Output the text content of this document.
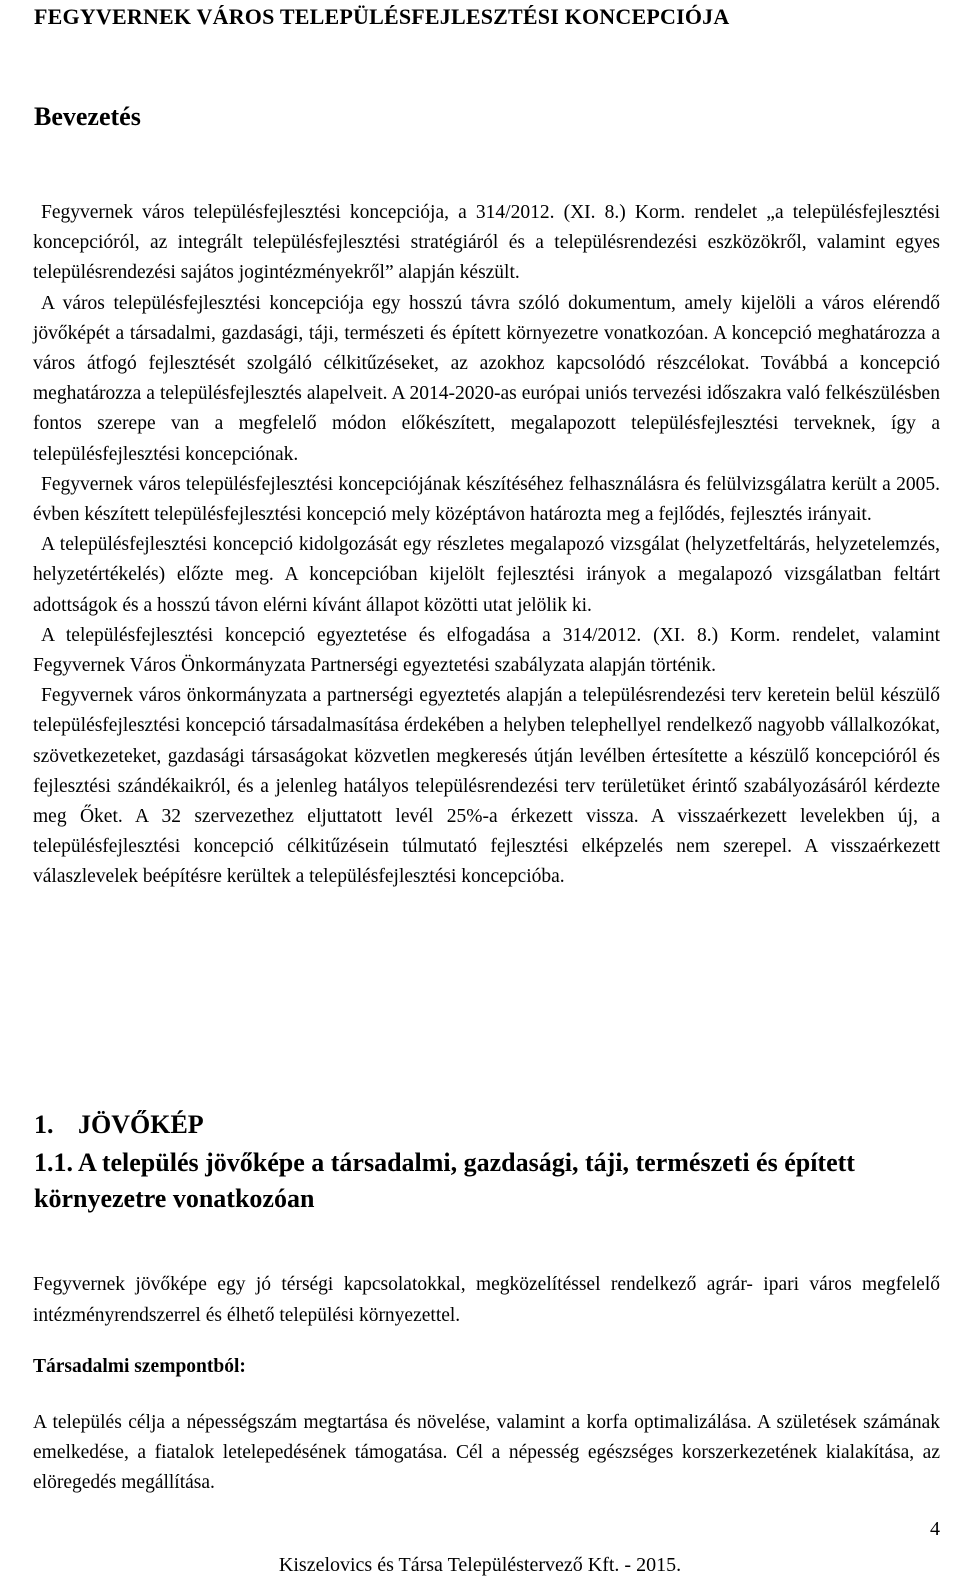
FEGYVERNEK VÁROS TELEPÜLÉSFEJLESZTÉSI KONCEPCIÓJA
Bevezetés

Fegyvernek város településfejlesztési koncepciója, a 314/2012. (XI. 8.) Korm. rendelet „a településfejlesztési koncepcióról, az integrált településfejlesztési stratégiáról és a településrendezési eszközökről, valamint egyes településrendezési sajátos jogintézményekről” alapján készült.

A város településfejlesztési koncepciója egy hosszú távra szóló dokumentum, amely kijelöli a város elérendő jövőképét a társadalmi, gazdasági, táji, természeti és épített környezetre vonatkozóan. A koncepció meghatározza a város átfogó fejlesztését szolgáló célkitűzéseket, az azokhoz kapcsolódó részcélokat. Továbbá a koncepció meghatározza a településfejlesztés alapelveit. A 2014-2020-as európai uniós tervezési időszakra való felkészülésben fontos szerepe van a megfelelő módon előkészített, megalapozott településfejlesztési terveknek, így a településfejlesztési koncepciónak.

Fegyvernek város településfejlesztési koncepciójának készítéséhez felhasználásra és felülvizsgálatra került a 2005. évben készített településfejlesztési koncepció mely középtávon határozta meg a fejlődés, fejlesztés irányait.

A településfejlesztési koncepció kidolgozását egy részletes megalapozó vizsgálat (helyzetfeltárás, helyzetelemzés, helyzetértékelés) előzte meg. A koncepcióban kijelölt fejlesztési irányok a megalapozó vizsgálatban feltárt adottságok és a hosszú távon elérni kívánt állapot közötti utat jelölik ki.

A településfejlesztési koncepció egyeztetése és elfogadása a 314/2012. (XI. 8.) Korm. rendelet, valamint Fegyvernek Város Önkormányzata Partnerségi egyeztetési szabályzata alapján történik.

Fegyvernek város önkormányzata a partnerségi egyeztetés alapján a településrendezési terv keretein belül készülő településfejlesztési koncepció társadalmasítása érdekében a helyben telephellyel rendelkező nagyobb vállalkozókat, szövetkezeteket, gazdasági társaságokat közvetlen megkeresés útján levélben értesítette a készülő koncepcióról és fejlesztési szándékaikról, és a jelenleg hatályos településrendezési terv területüket érintő szabályozásáról kérdezte meg Őket. A 32 szervezethez eljuttatott levél 25%-a érkezett vissza. A visszaérkezett levelekben új, a településfejlesztési koncepció célkitűzésein túlmutató fejlesztési elképzelés nem szerepel. A visszaérkezett válaszlevelek beépítésre kerültek a településfejlesztési koncepcióba.

1. JÖVŐKÉP
1.1. A település jövőképe a társadalmi, gazdasági, táji, természeti és épített környezetre vonatkozóan

Fegyvernek jövőképe egy jó térségi kapcsolatokkal, megközelítéssel rendelkező agrár- ipari város megfelelő intézményrendszerrel és élhető települési környezettel.

Társadalmi szempontból:

A település célja a népességszám megtartása és növelése, valamint a korfa optimalizálása. A születések számának emelkedése, a fiatalok letelepedésének támogatása. Cél a népesség egészséges korszerkezetének kialakítása, az elöregedés megállítása.

4
Kiszelovics és Társa Településtervező Kft. - 2015.
